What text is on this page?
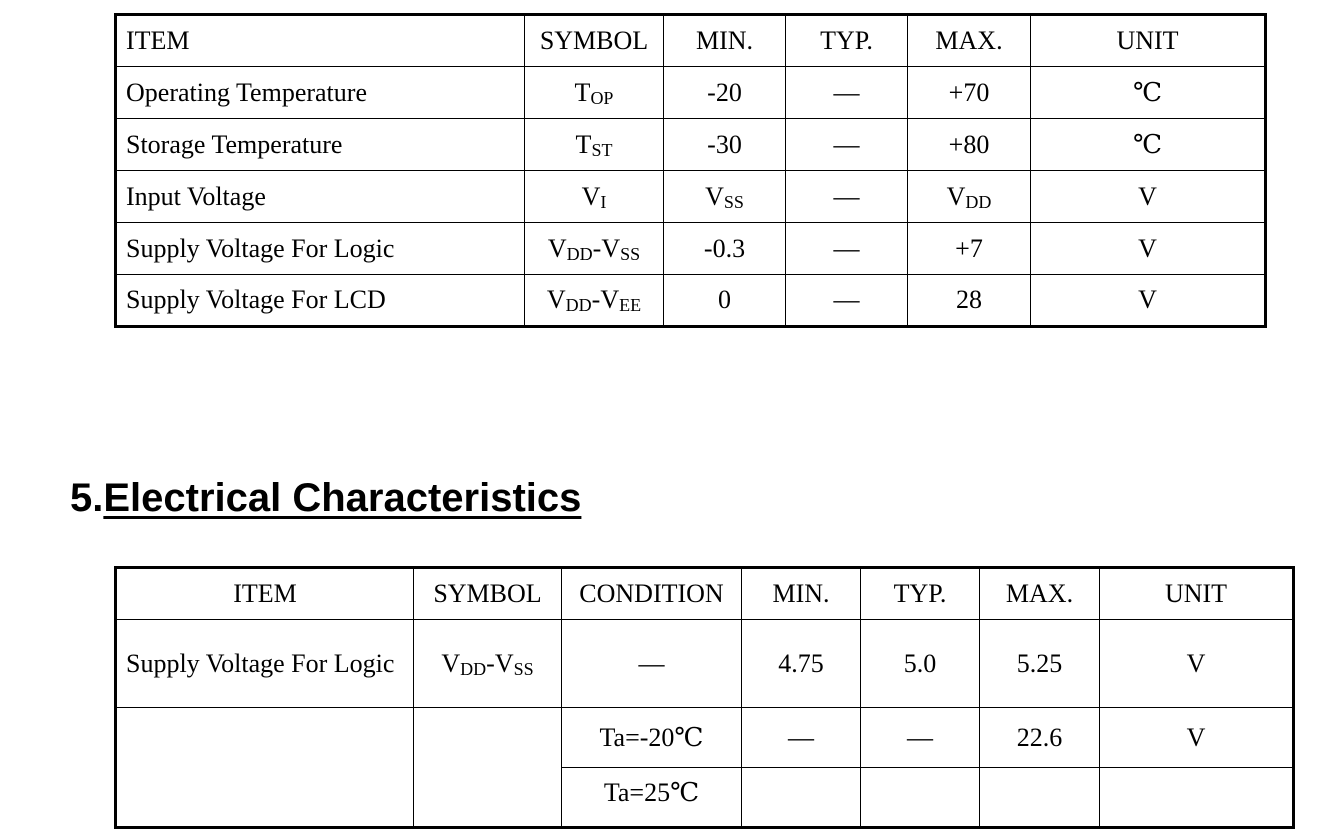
ITEM	SYMBOL	MIN.	TYP.	MAX.	UNIT
Operating Temperature	$T_{OP}$	-20	—	+70	℃
Storage Temperature	$T_{ST}$	-30	—	+80	℃
Input Voltage	$V_I$	$V_{SS}$	—	$V_{DD}$	V
Supply Voltage For Logic	$V_{DD}-V_{SS}$	-0.3	—	+7	V
Supply Voltage For LCD	$V_{DD}-V_{EE}$	0	—	28	V
5.Electrical Characteristics
ITEM	SYMBOL	CONDITION	MIN.	TYP.	MAX.	UNIT
Supply Voltage For Logic	$V_{DD}-V_{SS}$	—	4.75	5.0	5.25	V
		Ta=-20℃	—	—	22.6	V
		Ta=25℃				
